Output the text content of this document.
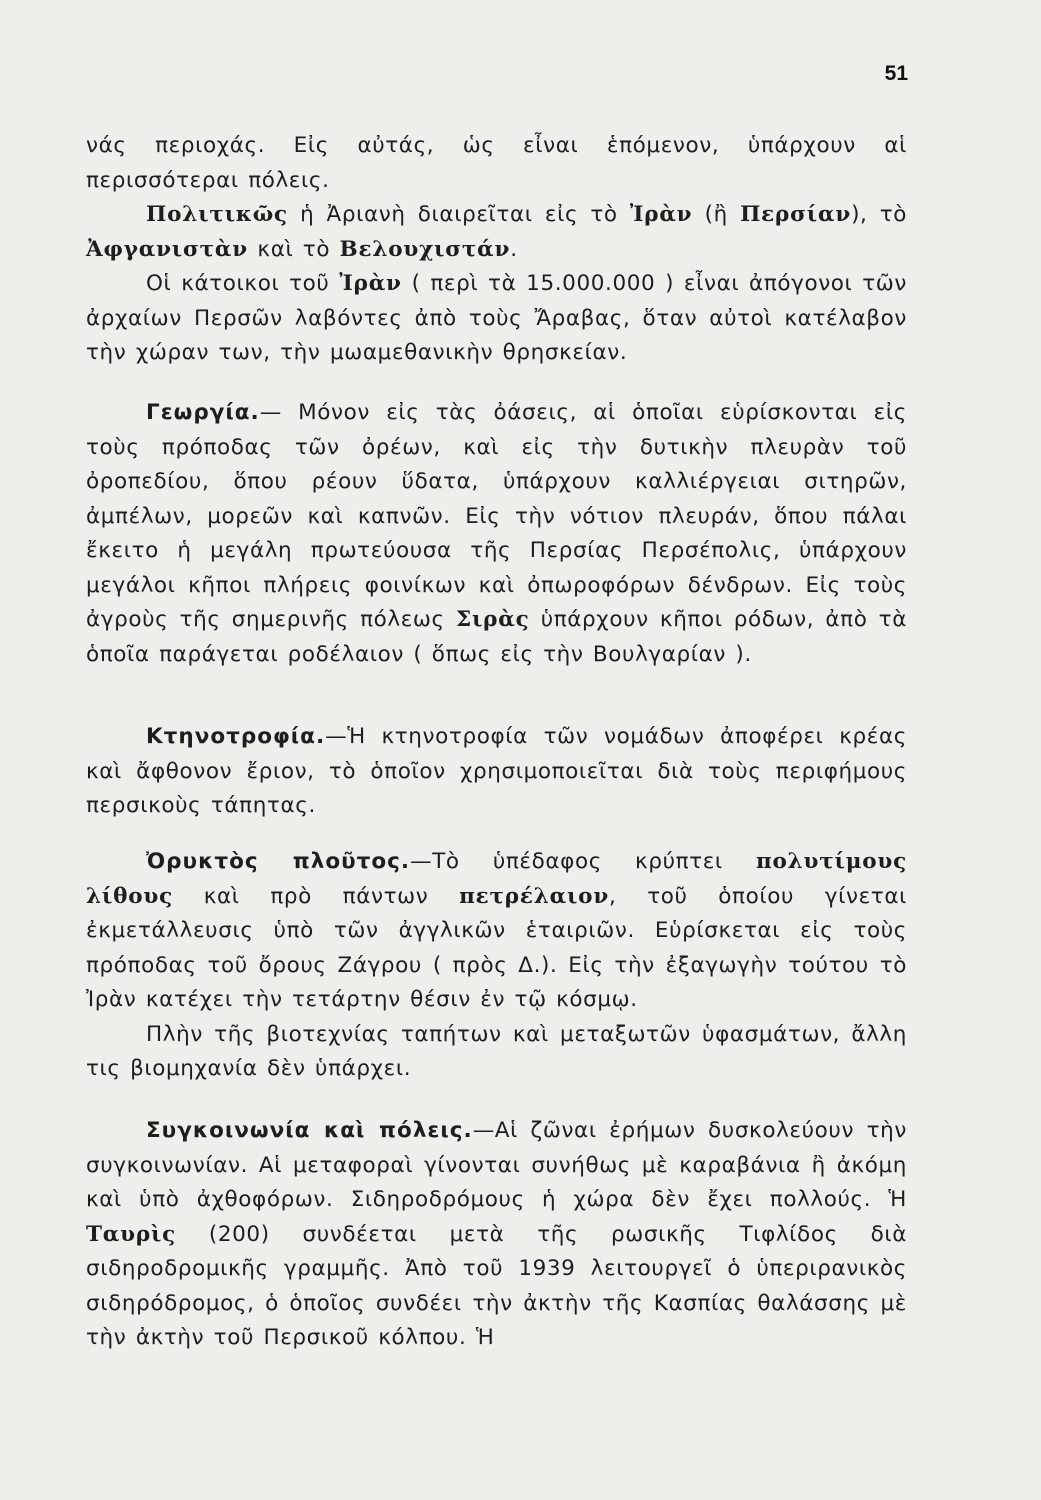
51

νάς περιοχάς. Εἰς αὐτάς, ὡς εἶναι ἑπόμενον, ὑπάρχουν αἱ περισσότεραι πόλεις.

Πολιτικῶς ἡ Ἀριανὴ διαιρεῖται εἰς τὸ Ἰρὰν (ἢ Περσίαν), τὸ Ἀφγανιστὰν καὶ τὸ Βελουχιστάν.

Οἱ κάτοικοι τοῦ Ἰρὰν ( περὶ τὰ 15.000.000 ) εἶναι ἀπόγονοι τῶν ἀρχαίων Περσῶν λαβόντες ἀπὸ τοὺς Ἄραβας, ὅταν αὐτοὶ κατέλαβον τὴν χώραν των, τὴν μωαμεθανικὴν θρησκείαν.

Γεωργία.— Μόνον εἰς τὰς ὀάσεις, αἱ ὁποῖαι εὑρίσκονται εἰς τοὺς πρόποδας τῶν ὀρέων, καὶ εἰς τὴν δυτικὴν πλευρὰν τοῦ ὀροπεδίου, ὅπου ρέουν ὕδατα, ὑπάρχουν καλλιέργειαι σιτηρῶν, ἀμπέλων, μορεῶν καὶ καπνῶν. Εἰς τὴν νότιον πλευράν, ὅπου πάλαι ἔκειτο ἡ μεγάλη πρωτεύουσα τῆς Περσίας Περσέπολις, ὑπάρχουν μεγάλοι κῆποι πλήρεις φοινίκων καὶ ὀπωροφόρων δένδρων. Εἰς τοὺς ἀγροὺς τῆς σημερινῆς πόλεως Σιρὰς ὑπάρχουν κῆποι ρόδων, ἀπὸ τὰ ὁποῖα παράγεται ροδέλαιον ( ὅπως εἰς τὴν Βουλγαρίαν ).

Κτηνοτροφία.—Ἡ κτηνοτροφία τῶν νομάδων ἀποφέρει κρέας καὶ ἄφθονον ἔριον, τὸ ὁποῖον χρησιμοποιεῖται διὰ τοὺς περιφήμους περσικοὺς τάπητας.

Ὀρυκτὸς πλοῦτος.—Τὸ ὑπέδαφος κρύπτει πολυτίμους λίθους καὶ πρὸ πάντων πετρέλαιον, τοῦ ὁποίου γίνεται ἐκμετάλλευσις ὑπὸ τῶν ἀγγλικῶν ἑταιριῶν. Εὑρίσκεται εἰς τοὺς πρόποδας τοῦ ὄρους Ζάγρου ( πρὸς Δ.). Εἰς τὴν ἐξαγωγὴν τούτου τὸ Ἰρὰν κατέχει τὴν τετάρτην θέσιν ἐν τῷ κόσμῳ.

Πλὴν τῆς βιοτεχνίας ταπήτων καὶ μεταξωτῶν ὑφασμάτων, ἄλλη τις βιομηχανία δὲν ὑπάρχει.

Συγκοινωνία καὶ πόλεις.—Αἱ ζῶναι ἐρήμων δυσκολεύουν τὴν συγκοινωνίαν. Αἱ μεταφοραὶ γίνονται συνήθως μὲ καραβάνια ἢ ἀκόμη καὶ ὑπὸ ἀχθοφόρων. Σιδηροδρόμους ἡ χώρα δὲν ἔχει πολλούς. Ἡ Ταυρὶς (200) συνδέεται μετὰ τῆς ρωσικῆς Τιφλίδος διὰ σιδηροδρομικῆς γραμμῆς. Ἀπὸ τοῦ 1939 λειτουργεῖ ὁ ὑπεριρανικὸς σιδηρόδρομος, ὁ ὁποῖος συνδέει τὴν ἀκτὴν τῆς Κασπίας θαλάσσης μὲ τὴν ἀκτὴν τοῦ Περσικοῦ κόλπου. Ἡ
